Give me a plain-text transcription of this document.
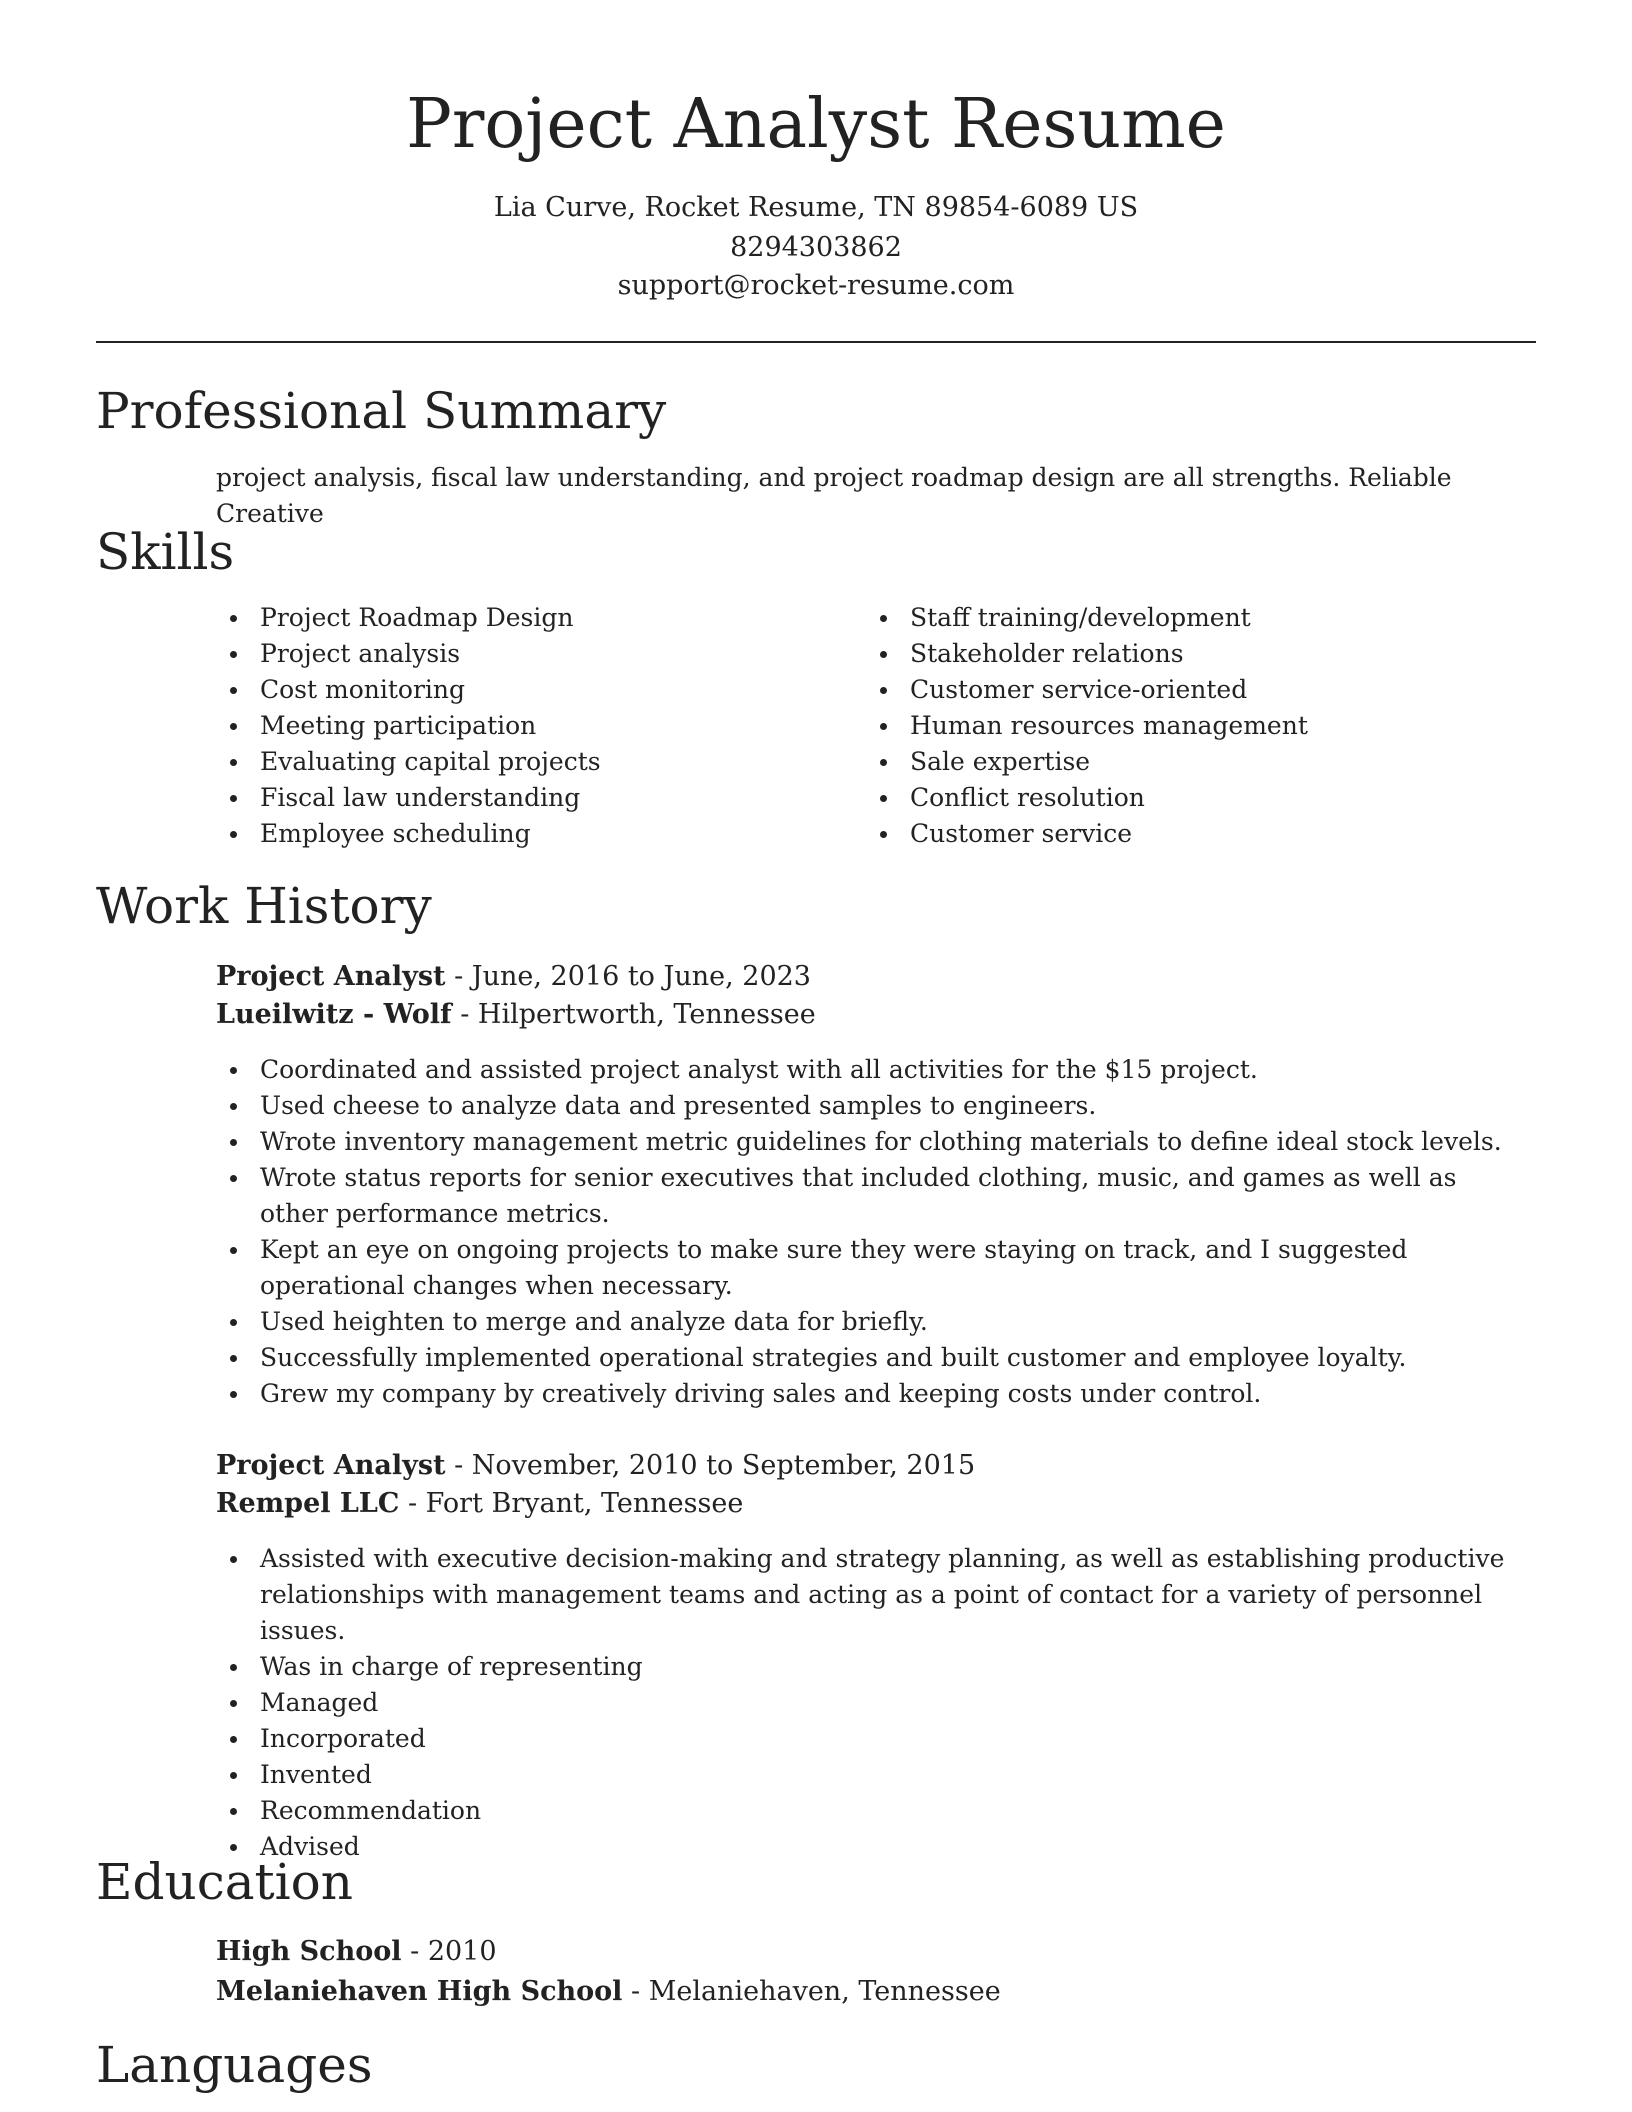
Project Analyst Resume

Lia Curve, Rocket Resume, TN 89854-6089 US

8294303862

support@rocket-resume.com

Professional Summary

project analysis, fiscal law understanding, and project roadmap design are all strengths. Reliable Creative

Skills
Project Roadmap Design
Project analysis
Cost monitoring
Meeting participation
Evaluating capital projects
Fiscal law understanding
Employee scheduling
Staff training/development
Stakeholder relations
Customer service-oriented
Human resources management
Sale expertise
Conflict resolution
Customer service
Work History

Project Analyst - June, 2016 to June, 2023

Lueilwitz - Wolf - Hilpertworth, Tennessee

Coordinated and assisted project analyst with all activities for the $15 project.
Used cheese to analyze data and presented samples to engineers.
Wrote inventory management metric guidelines for clothing materials to define ideal stock levels.
Wrote status reports for senior executives that included clothing, music, and games as well as other performance metrics.
Kept an eye on ongoing projects to make sure they were staying on track, and I suggested operational changes when necessary.
Used heighten to merge and analyze data for briefly.
Successfully implemented operational strategies and built customer and employee loyalty.
Grew my company by creatively driving sales and keeping costs under control.

Project Analyst - November, 2010 to September, 2015

Rempel LLC - Fort Bryant, Tennessee

Assisted with executive decision-making and strategy planning, as well as establishing productive relationships with management teams and acting as a point of contact for a variety of personnel issues.
Was in charge of representing
Managed
Incorporated
Invented
Recommendation
Advised
Education

High School - 2010

Melaniehaven High School - Melaniehaven, Tennessee

Languages
